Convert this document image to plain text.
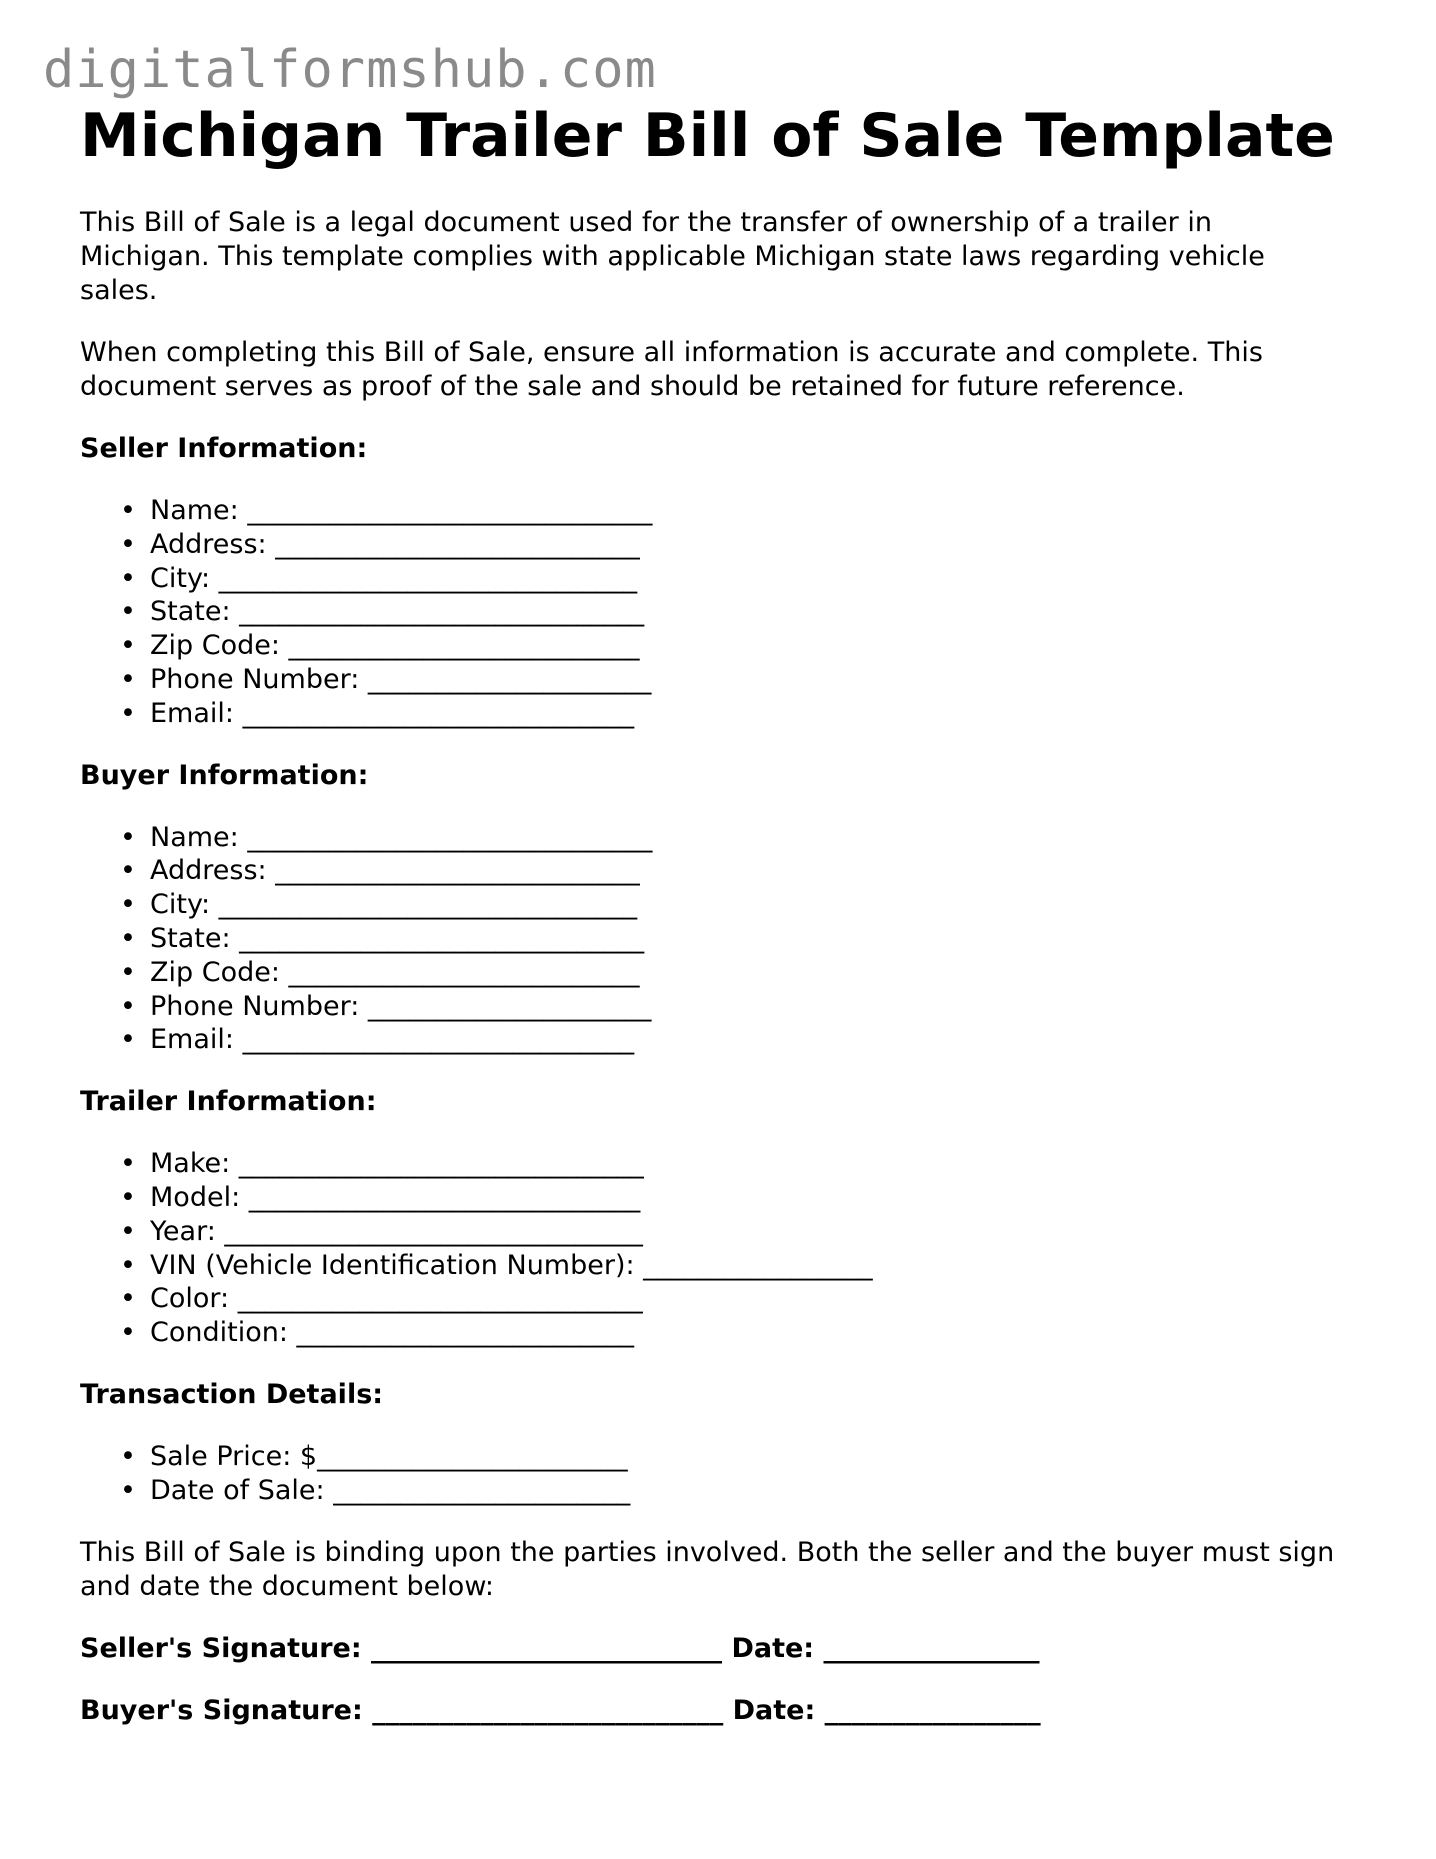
digitalformshub.com
Michigan Trailer Bill of Sale Template

This Bill of Sale is a legal document used for the transfer of ownership of a trailer in Michigan. This template complies with applicable Michigan state laws regarding vehicle sales.

When completing this Bill of Sale, ensure all information is accurate and complete. This document serves as proof of the sale and should be retained for future reference.

Seller Information:
• Name: ______________________________
• Address: ___________________________
• City: _______________________________
• State: ______________________________
• Zip Code: __________________________
• Phone Number: _____________________
• Email: _____________________________
Buyer Information:
• Name: ______________________________
• Address: ___________________________
• City: _______________________________
• State: ______________________________
• Zip Code: __________________________
• Phone Number: _____________________
• Email: _____________________________
Trailer Information:
• Make: ______________________________
• Model: _____________________________
• Year: _______________________________
• VIN (Vehicle Identification Number): _________________
• Color: ______________________________
• Condition: _________________________
Transaction Details:
• Sale Price: $_______________________
• Date of Sale: ______________________

This Bill of Sale is binding upon the parties involved. Both the seller and the buyer must sign and date the document below:

Seller's Signature: __________________________ Date: ________________
Buyer's Signature: __________________________ Date: ________________
